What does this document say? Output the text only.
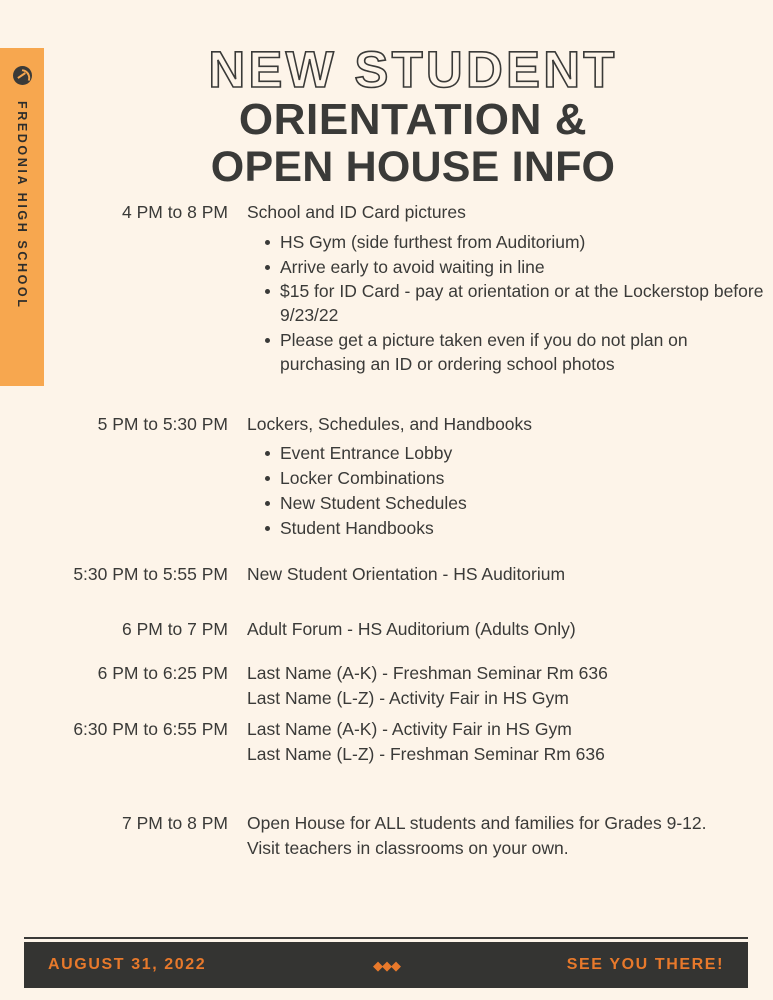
FREDONIA HIGH SCHOOL
NEW STUDENT
ORIENTATION &
OPEN HOUSE INFO
4 PM to 8 PM School and ID Card pictures
HS Gym (side furthest from Auditorium)
Arrive early to avoid waiting in line
$15 for ID Card - pay at orientation or at the Lockerstop before 9/23/22
Please get a picture taken even if you do not plan on purchasing an ID or ordering school photos
5 PM to 5:30 PM Lockers, Schedules, and Handbooks
Event Entrance Lobby
Locker Combinations
New Student Schedules
Student Handbooks
5:30 PM to 5:55 PM New Student Orientation - HS Auditorium
6 PM to 7 PM Adult Forum - HS Auditorium (Adults Only)
6 PM to 6:25 PM Last Name (A-K) - Freshman Seminar Rm 636
Last Name (L-Z) - Activity Fair in HS Gym
6:30 PM to 6:55 PM Last Name (A-K) - Activity Fair in HS Gym
Last Name (L-Z) - Freshman Seminar Rm 636
7 PM to 8 PM Open House for ALL students and families for Grades 9-12. Visit teachers in classrooms on your own.
AUGUST 31, 2022	◆◆◆	SEE YOU THERE!
